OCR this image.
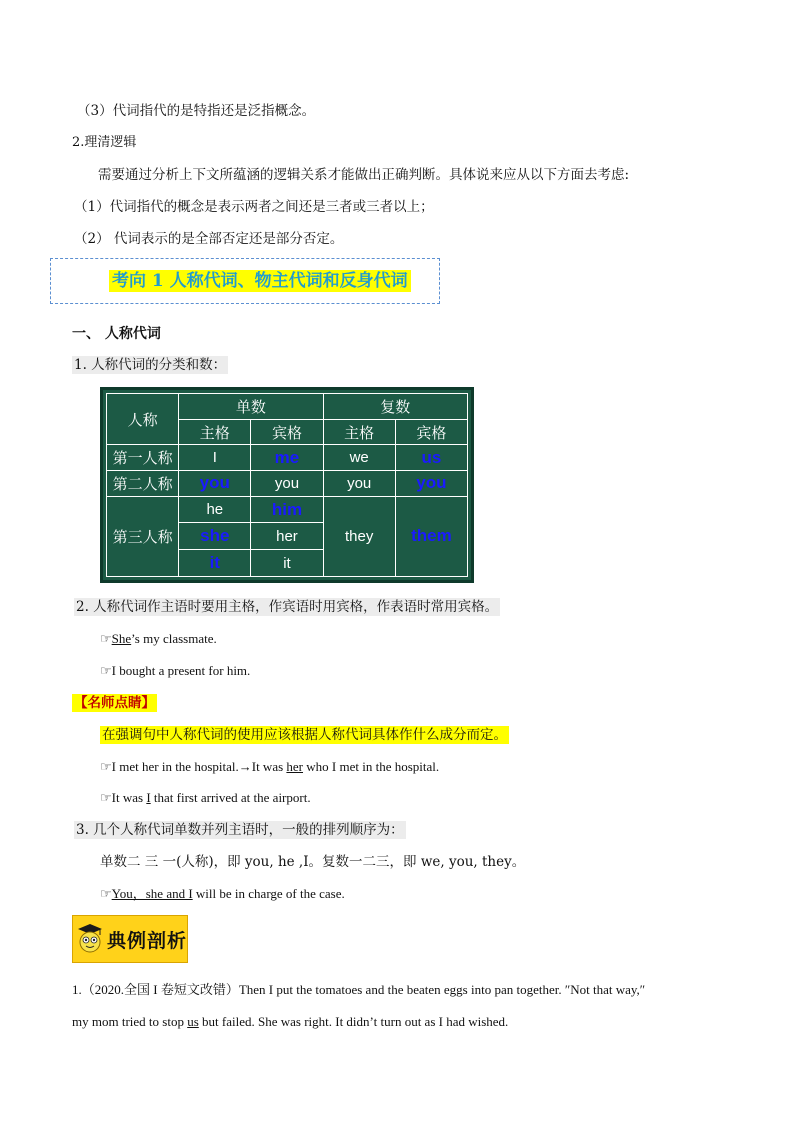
（3）代词指代的是特指还是泛指概念。
2.理清逻辑
需要通过分析上下文所蕴涵的逻辑关系才能做出正确判断。具体说来应从以下方面去考虑:
（1）代词指代的概念是表示两者之间还是三者或三者以上；
（2） 代词表示的是全部否定还是部分否定。
考向 1 人称代词、物主代词和反身代词
一、 人称代词
1. 人称代词的分类和数：
人称	单数		复数	
	主格	宾格	主格	宾格
第一人称	I	me	we	us
第二人称	you	you	you	you
第三人称	he	him	they	them
	she	her		
	it	it		
2. 人称代词作主语时要用主格，作宾语时用宾格，作表语时常用宾格。
☞She’s my classmate.
☞I bought a present for him.
【名师点睛】
在强调句中人称代词的使用应该根据人称代词具体作什么成分而定。
☞I met her in the hospital.→It was her who I met in the hospital.
☞It was I that first arrived at the airport.
3. 几个人称代词单数并列主语时，一般的排列顺序为：
单数二 三 一(人称)，即 you, he ,I。复数一二三，即 we, you, they。
☞You，she and I will be in charge of the case.
典例剖析
1.（2020.全国 I 卷短文改错）Then I put the tomatoes and the beaten eggs into pan together. ″Not that way,″
my mom tried to stop us but failed. She was right. It didn’t turn out as I had wished.
